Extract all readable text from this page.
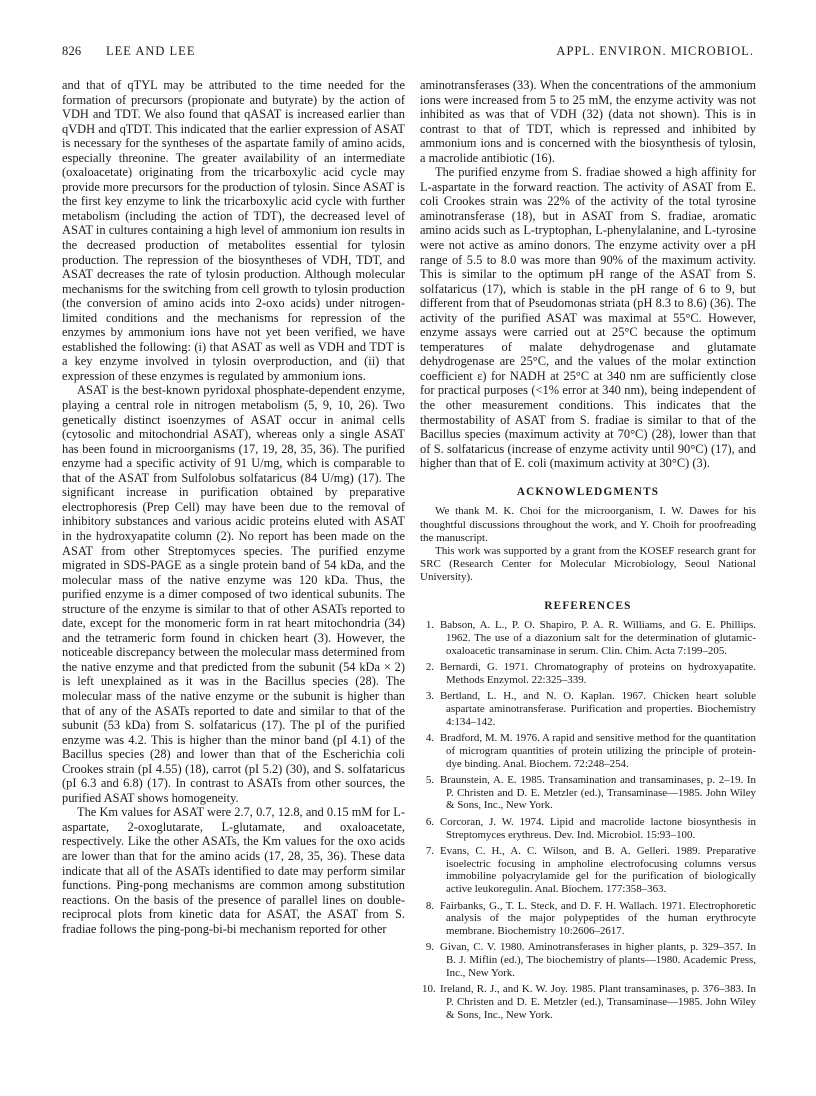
826 LEE AND LEE	APPL. ENVIRON. MICROBIOL.

and that of qTYL may be attributed to the time needed for the formation of precursors (propionate and butyrate) by the action of VDH and TDT. We also found that qASAT is increased earlier than qVDH and qTDT. This indicated that the earlier expression of ASAT is necessary for the syntheses of the aspartate family of amino acids, especially threonine. The greater availability of an intermediate (oxaloacetate) originating from the tricarboxylic acid cycle may provide more precursors for the production of tylosin. Since ASAT is the first key enzyme to link the tricarboxylic acid cycle with further metabolism (including the action of TDT), the decreased level of ASAT in cultures containing a high level of ammonium ion results in the decreased production of metabolites essential for tylosin production. The repression of the biosyntheses of VDH, TDT, and ASAT decreases the rate of tylosin production. Although molecular mechanisms for the switching from cell growth to tylosin production (the conversion of amino acids into 2-oxo acids) under nitrogen-limited conditions and the mechanisms for repression of the enzymes by ammonium ions have not yet been verified, we have established the following: (i) that ASAT as well as VDH and TDT is a key enzyme involved in tylosin overproduction, and (ii) that expression of these enzymes is regulated by ammonium ions.

ASAT is the best-known pyridoxal phosphate-dependent enzyme, playing a central role in nitrogen metabolism (5, 9, 10, 26). Two genetically distinct isoenzymes of ASAT occur in animal cells (cytosolic and mitochondrial ASAT), whereas only a single ASAT has been found in microorganisms (17, 19, 28, 35, 36). The purified enzyme had a specific activity of 91 U/mg, which is comparable to that of the ASAT from Sulfolobus solfataricus (84 U/mg) (17). The significant increase in purification obtained by preparative electrophoresis (Prep Cell) may have been due to the removal of inhibitory substances and various acidic proteins eluted with ASAT in the hydroxyapatite column (2). No report has been made on the ASAT from other Streptomyces species. The purified enzyme migrated in SDS-PAGE as a single protein band of 54 kDa, and the molecular mass of the native enzyme was 120 kDa. Thus, the purified enzyme is a dimer composed of two identical subunits. The structure of the enzyme is similar to that of other ASATs reported to date, except for the monomeric form in rat heart mitochondria (34) and the tetrameric form found in chicken heart (3). However, the noticeable discrepancy between the molecular mass determined from the native enzyme and that predicted from the subunit (54 kDa × 2) is left unexplained as it was in the Bacillus species (28). The molecular mass of the native enzyme or the subunit is higher than that of any of the ASATs reported to date and similar to that of the subunit (53 kDa) from S. solfataricus (17). The pI of the purified enzyme was 4.2. This is higher than the minor band (pI 4.1) of the Bacillus species (28) and lower than that of the Escherichia coli Crookes strain (pI 4.55) (18), carrot (pI 5.2) (30), and S. solfataricus (pI 6.3 and 6.8) (17). In contrast to ASATs from other sources, the purified ASAT shows homogeneity.

The Km values for ASAT were 2.7, 0.7, 12.8, and 0.15 mM for L-aspartate, 2-oxoglutarate, L-glutamate, and oxaloacetate, respectively. Like the other ASATs, the Km values for the oxo acids are lower than that for the amino acids (17, 28, 35, 36). These data indicate that all of the ASATs identified to date may perform similar functions. Ping-pong mechanisms are common among substitution reactions. On the basis of the presence of parallel lines on double-reciprocal plots from kinetic data for ASAT, the ASAT from S. fradiae follows the ping-pong-bi-bi mechanism reported for other

aminotransferases (33). When the concentrations of the ammonium ions were increased from 5 to 25 mM, the enzyme activity was not inhibited as was that of VDH (32) (data not shown). This is in contrast to that of TDT, which is repressed and inhibited by ammonium ions and is concerned with the biosynthesis of tylosin, a macrolide antibiotic (16).

The purified enzyme from S. fradiae showed a high affinity for L-aspartate in the forward reaction. The activity of ASAT from E. coli Crookes strain was 22% of the activity of the total tyrosine aminotransferase (18), but in ASAT from S. fradiae, aromatic amino acids such as L-tryptophan, L-phenylalanine, and L-tyrosine were not active as amino donors. The enzyme activity over a pH range of 5.5 to 8.0 was more than 90% of the maximum activity. This is similar to the optimum pH range of the ASAT from S. solfataricus (17), which is stable in the pH range of 6 to 9, but different from that of Pseudomonas striata (pH 8.3 to 8.6) (36). The activity of the purified ASAT was maximal at 55°C. However, enzyme assays were carried out at 25°C because the optimum temperatures of malate dehydrogenase and glutamate dehydrogenase are 25°C, and the values of the molar extinction coefficient ε) for NADH at 25°C at 340 nm are sufficiently close for practical purposes (<1% error at 340 nm), being independent of the other measurement conditions. This indicates that the thermostability of ASAT from S. fradiae is similar to that of the Bacillus species (maximum activity at 70°C) (28), lower than that of S. solfataricus (increase of enzyme activity until 90°C) (17), and higher than that of E. coli (maximum activity at 30°C) (3).

ACKNOWLEDGMENTS

We thank M. K. Choi for the microorganism, I. W. Dawes for his thoughtful discussions throughout the work, and Y. Choih for proofreading the manuscript.

This work was supported by a grant from the KOSEF research grant for SRC (Research Center for Molecular Microbiology, Seoul National University).

REFERENCES
1. Babson, A. L., P. O. Shapiro, P. A. R. Williams, and G. E. Phillips. 1962. The use of a diazonium salt for the determination of glutamic-oxaloacetic transaminase in serum. Clin. Chim. Acta 7:199–205.
2. Bernardi, G. 1971. Chromatography of proteins on hydroxyapatite. Methods Enzymol. 22:325–339.
3. Bertland, L. H., and N. O. Kaplan. 1967. Chicken heart soluble aspartate aminotransferase. Purification and properties. Biochemistry 4:134–142.
4. Bradford, M. M. 1976. A rapid and sensitive method for the quantitation of microgram quantities of protein utilizing the principle of protein-dye binding. Anal. Biochem. 72:248–254.
5. Braunstein, A. E. 1985. Transamination and transaminases, p. 2–19. In P. Christen and D. E. Metzler (ed.), Transaminase—1985. John Wiley & Sons, Inc., New York.
6. Corcoran, J. W. 1974. Lipid and macrolide lactone biosynthesis in Streptomyces erythreus. Dev. Ind. Microbiol. 15:93–100.
7. Evans, C. H., A. C. Wilson, and B. A. Gelleri. 1989. Preparative isoelectric focusing in ampholine electrofocusing columns versus immobiline polyacrylamide gel for the purification of biologically active leukoregulin. Anal. Biochem. 177:358–363.
8. Fairbanks, G., T. L. Steck, and D. F. H. Wallach. 1971. Electrophoretic analysis of the major polypeptides of the human erythrocyte membrane. Biochemistry 10:2606–2617.
9. Givan, C. V. 1980. Aminotransferases in higher plants, p. 329–357. In B. J. Miflin (ed.), The biochemistry of plants—1980. Academic Press, Inc., New York.
10. Ireland, R. J., and K. W. Joy. 1985. Plant transaminases, p. 376–383. In P. Christen and D. E. Metzler (ed.), Transaminase—1985. John Wiley & Sons, Inc., New York.
